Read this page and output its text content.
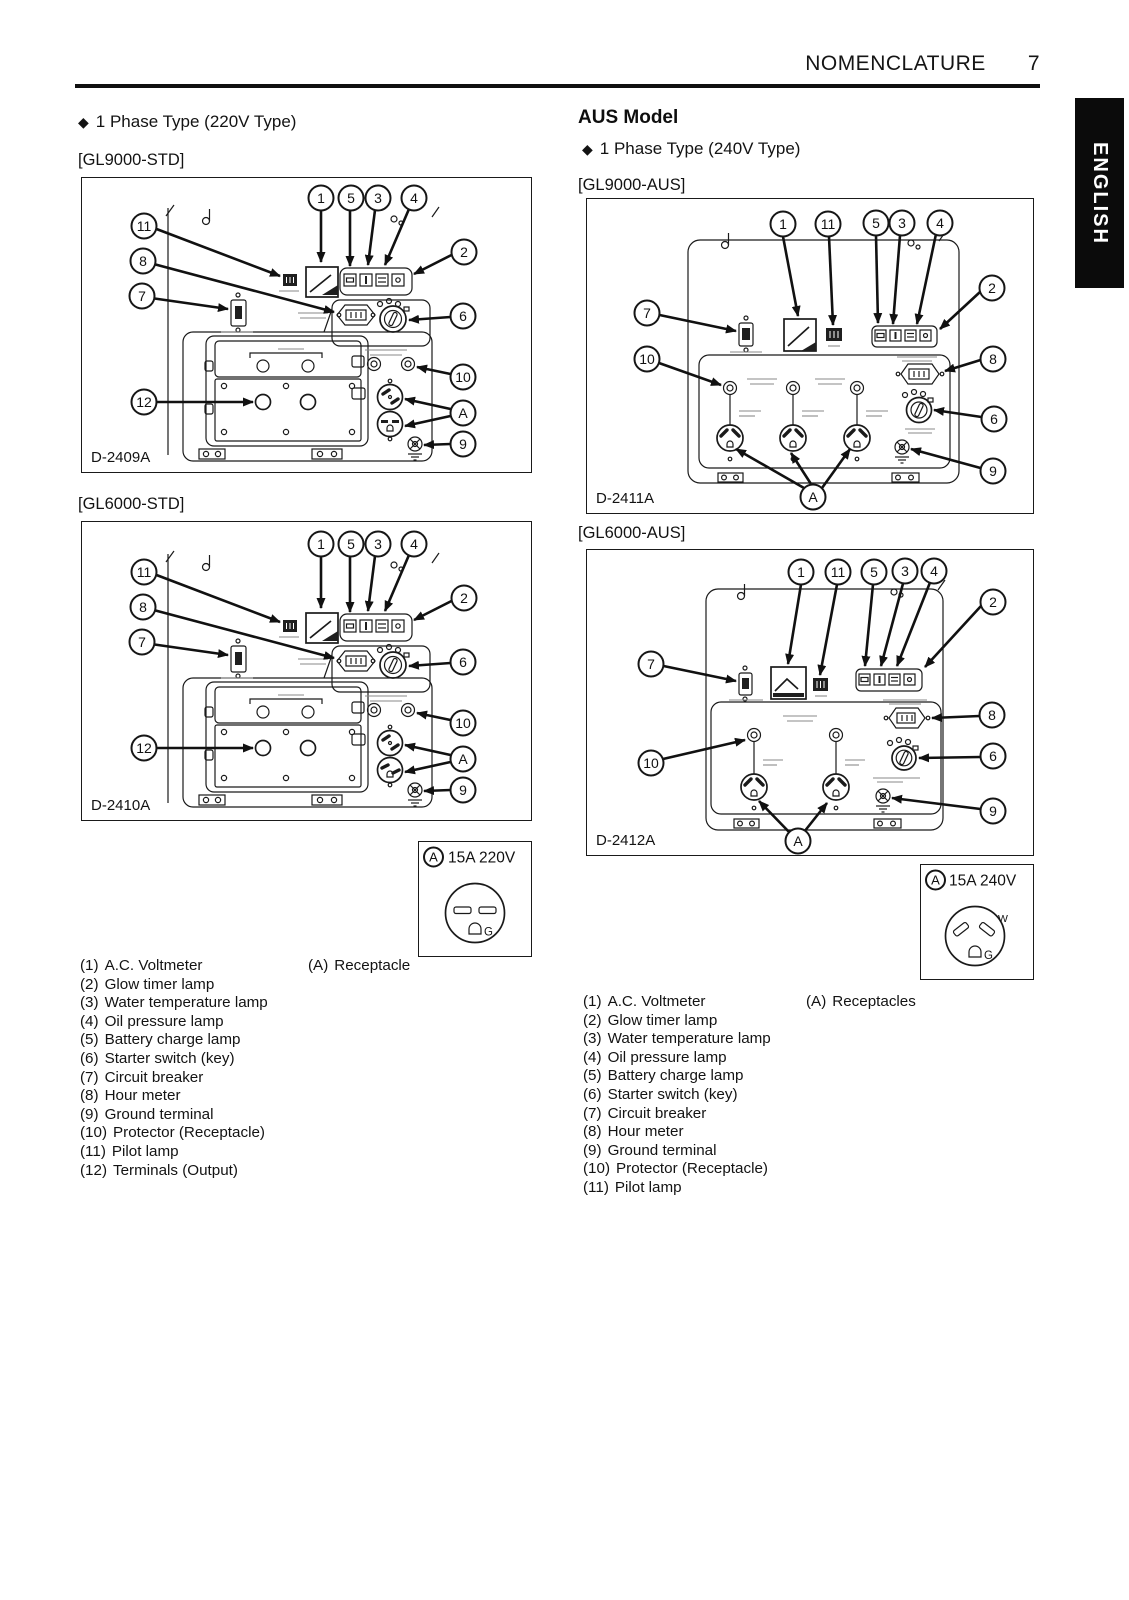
NOMENCLATURE 7
ENGLISH
◆ 1 Phase Type (220V Type)
[GL9000-STD]
1 5 3 4
2
11
8
7
12
6
10
A
9
D-2409A
[GL6000-STD]
1 5 3 4
2
11
8
7
12
6
10
A
9
D-2410A
A 15A 220V
G
(1) A.C. Voltmeter
(2) Glow timer lamp
(3) Water temperature lamp
(4) Oil pressure lamp
(5) Battery charge lamp
(6) Starter switch (key)
(7) Circuit breaker
(8) Hour meter
(9) Ground terminal
(10) Protector (Receptacle)
(11) Pilot lamp
(12) Terminals (Output)
(A) Receptacle
AUS Model
◆ 1 Phase Type (240V Type)
[GL9000-AUS]
1 11	5 3 4
2
7
10	8
6
9
A
D-2411A
[GL6000-AUS]
1 11 5 3 4
2
7
10
8
6
9
A
D-2412A
A 15A 240V
W
G
(1) A.C. Voltmeter
(2) Glow timer lamp
(3) Water temperature lamp
(4) Oil pressure lamp
(5) Battery charge lamp
(6) Starter switch (key)
(7) Circuit breaker
(8) Hour meter
(9) Ground terminal
(10) Protector (Receptacle)
(11) Pilot lamp
(A) Receptacles
